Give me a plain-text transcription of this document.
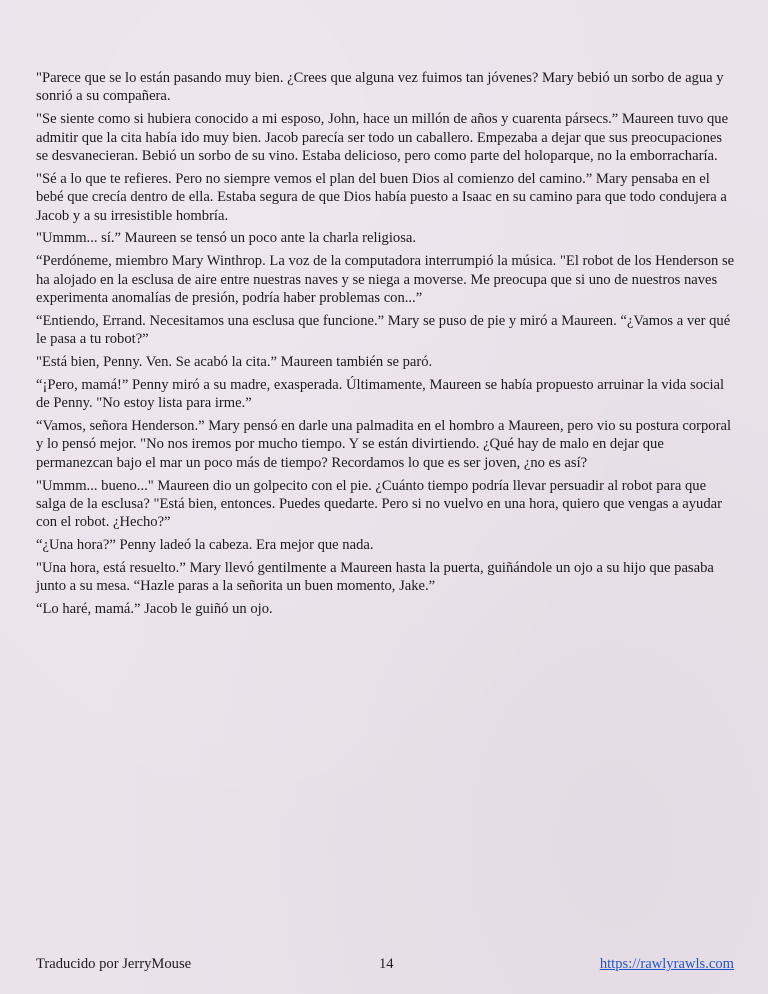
"Parece que se lo están pasando muy bien. ¿Crees que alguna vez fuimos tan jóvenes? Mary bebió un sorbo de agua y sonrió a su compañera.

"Se siente como si hubiera conocido a mi esposo, John, hace un millón de años y cuarenta pársecs.” Maureen tuvo que admitir que la cita había ido muy bien. Jacob parecía ser todo un caballero. Empezaba a dejar que sus preocupaciones se desvanecieran. Bebió un sorbo de su vino. Estaba delicioso, pero como parte del holoparque, no la emborracharía.

"Sé a lo que te refieres. Pero no siempre vemos el plan del buen Dios al comienzo del camino.” Mary pensaba en el bebé que crecía dentro de ella. Estaba segura de que Dios había puesto a Isaac en su camino para que todo condujera a Jacob y a su irresistible hombría.

"Ummm... sí.” Maureen se tensó un poco ante la charla religiosa.

“Perdóneme, miembro Mary Winthrop. La voz de la computadora interrumpió la música. "El robot de los Henderson se ha alojado en la esclusa de aire entre nuestras naves y se niega a moverse. Me preocupa que si uno de nuestros naves experimenta anomalías de presión, podría haber problemas con...”

“Entiendo, Errand. Necesitamos una esclusa que funcione.” Mary se puso de pie y miró a Maureen. “¿Vamos a ver qué le pasa a tu robot?”

"Está bien, Penny. Ven. Se acabó la cita.” Maureen también se paró.

“¡Pero, mamá!” Penny miró a su madre, exasperada. Últimamente, Maureen se había propuesto arruinar la vida social de Penny. "No estoy lista para irme.”

“Vamos, señora Henderson.” Mary pensó en darle una palmadita en el hombro a Maureen, pero vio su postura corporal y lo pensó mejor. "No nos iremos por mucho tiempo. Y se están divirtiendo. ¿Qué hay de malo en dejar que permanezcan bajo el mar un poco más de tiempo? Recordamos lo que es ser joven, ¿no es así?

"Ummm... bueno..." Maureen dio un golpecito con el pie. ¿Cuánto tiempo podría llevar persuadir al robot para que salga de la esclusa? "Está bien, entonces. Puedes quedarte. Pero si no vuelvo en una hora, quiero que vengas a ayudar con el robot. ¿Hecho?”

“¿Una hora?” Penny ladeó la cabeza. Era mejor que nada.

"Una hora, está resuelto.” Mary llevó gentilmente a Maureen hasta la puerta, guiñándole un ojo a su hijo que pasaba junto a su mesa. “Hazle paras a la señorita un buen momento, Jake.”

“Lo haré, mamá.” Jacob le guiñó un ojo.

Traducido por JerryMouse	14	https://rawlyrawls.com
